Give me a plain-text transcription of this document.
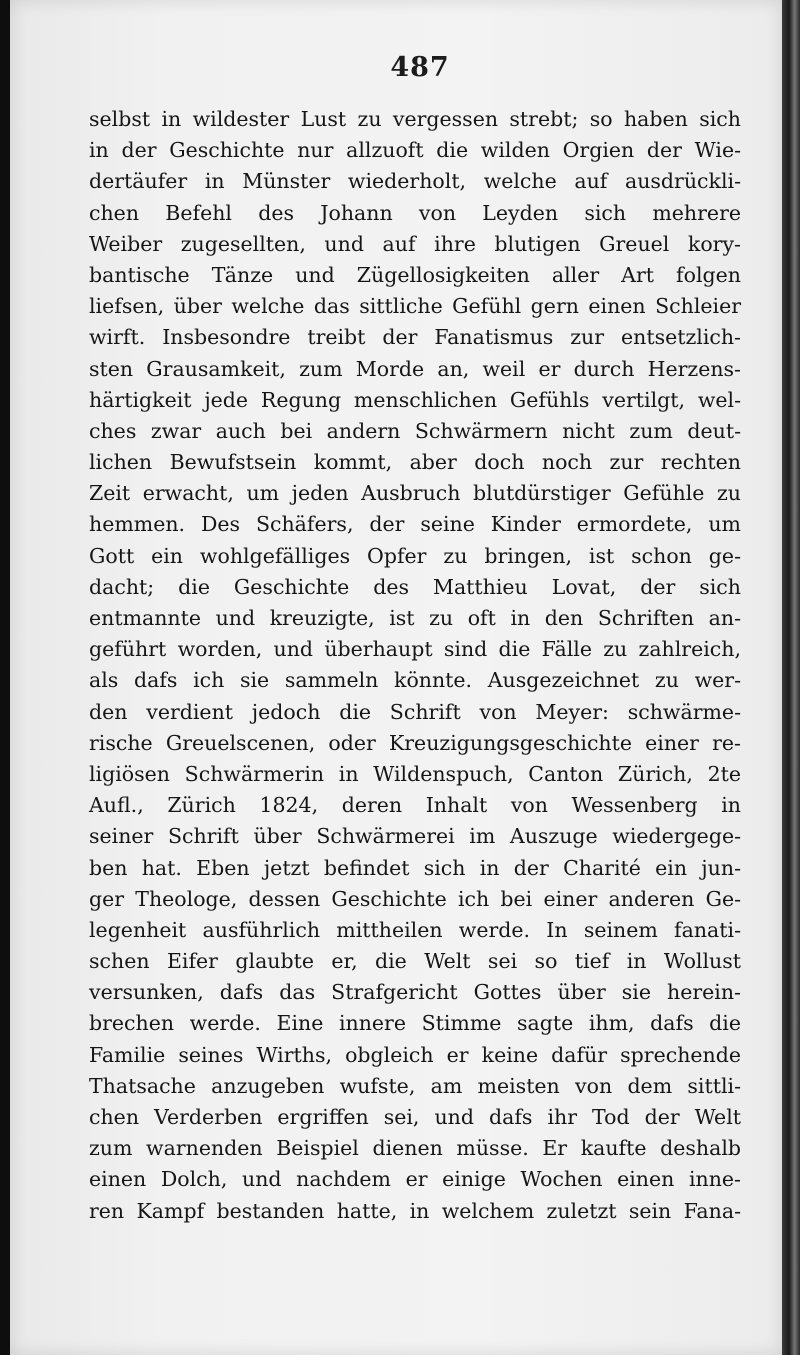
487
selbst in wildester Lust zu vergessen strebt; so haben sich
in der Geschichte nur allzuoft die wilden Orgien der Wie-
dertäufer in Münster wiederholt, welche auf ausdrückli-
chen Befehl des Johann von Leyden sich mehrere
Weiber zugesellten, und auf ihre blutigen Greuel kory-
bantische Tänze und Zügellosigkeiten aller Art folgen
liefsen, über welche das sittliche Gefühl gern einen Schleier
wirft. Insbesondre treibt der Fanatismus zur entsetzlich-
sten Grausamkeit, zum Morde an, weil er durch Herzens-
härtigkeit jede Regung menschlichen Gefühls vertilgt, wel-
ches zwar auch bei andern Schwärmern nicht zum deut-
lichen Bewufstsein kommt, aber doch noch zur rechten
Zeit erwacht, um jeden Ausbruch blutdürstiger Gefühle zu
hemmen. Des Schäfers, der seine Kinder ermordete, um
Gott ein wohlgefälliges Opfer zu bringen, ist schon ge-
dacht; die Geschichte des Matthieu Lovat, der sich
entmannte und kreuzigte, ist zu oft in den Schriften an-
geführt worden, und überhaupt sind die Fälle zu zahlreich,
als dafs ich sie sammeln könnte. Ausgezeichnet zu wer-
den verdient jedoch die Schrift von Meyer: schwärme-
rische Greuelscenen, oder Kreuzigungsgeschichte einer re-
ligiösen Schwärmerin in Wildenspuch, Canton Zürich, 2te
Aufl., Zürich 1824, deren Inhalt von Wessenberg in
seiner Schrift über Schwärmerei im Auszuge wiedergege-
ben hat. Eben jetzt befindet sich in der Charité ein jun-
ger Theologe, dessen Geschichte ich bei einer anderen Ge-
legenheit ausführlich mittheilen werde. In seinem fanati-
schen Eifer glaubte er, die Welt sei so tief in Wollust
versunken, dafs das Strafgericht Gottes über sie herein-
brechen werde. Eine innere Stimme sagte ihm, dafs die
Familie seines Wirths, obgleich er keine dafür sprechende
Thatsache anzugeben wufste, am meisten von dem sittli-
chen Verderben ergriffen sei, und dafs ihr Tod der Welt
zum warnenden Beispiel dienen müsse. Er kaufte deshalb
einen Dolch, und nachdem er einige Wochen einen inne-
ren Kampf bestanden hatte, in welchem zuletzt sein Fana-
